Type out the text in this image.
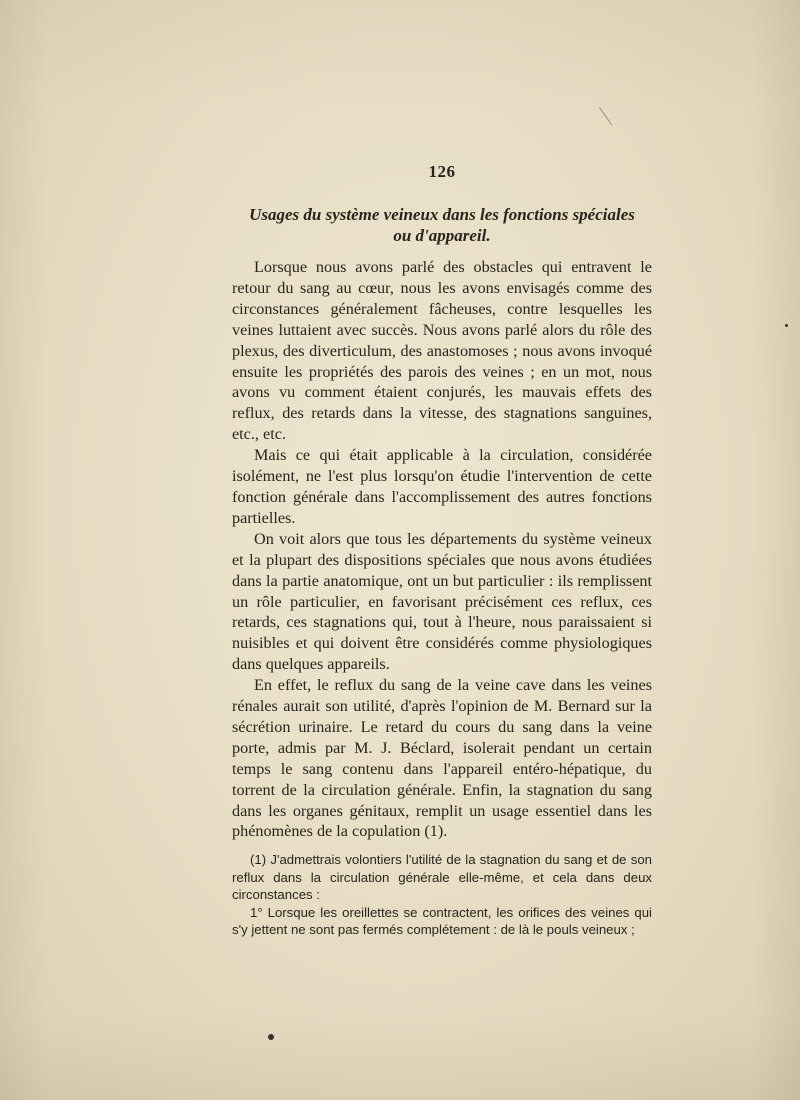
126
Usages du système veineux dans les fonctions spéciales
ou d'appareil.

Lorsque nous avons parlé des obstacles qui entravent le retour du sang au cœur, nous les avons envisagés comme des circonstances généralement fâcheuses, contre lesquelles les veines luttaient avec succès. Nous avons parlé alors du rôle des plexus, des diverticulum, des anastomoses ; nous avons invoqué ensuite les propriétés des parois des veines ; en un mot, nous avons vu comment étaient conjurés, les mauvais effets des reflux, des retards dans la vitesse, des stagnations sanguines, etc., etc.

Mais ce qui était applicable à la circulation, considérée isolément, ne l'est plus lorsqu'on étudie l'intervention de cette fonction générale dans l'accomplissement des autres fonctions partielles.

On voit alors que tous les départements du système veineux et la plupart des dispositions spéciales que nous avons étudiées dans la partie anatomique, ont un but particulier : ils remplissent un rôle particulier, en favorisant précisément ces reflux, ces retards, ces stagnations qui, tout à l'heure, nous paraissaient si nuisibles et qui doivent être considérés comme physiologiques dans quelques appareils.

En effet, le reflux du sang de la veine cave dans les veines rénales aurait son utilité, d'après l'opinion de M. Bernard sur la sécrétion urinaire. Le retard du cours du sang dans la veine porte, admis par M. J. Béclard, isolerait pendant un certain temps le sang contenu dans l'appareil entéro-hépatique, du torrent de la circulation générale. Enfin, la stagnation du sang dans les organes génitaux, remplit un usage essentiel dans les phénomènes de la copulation (1).

(1) J'admettrais volontiers l'utilité de la stagnation du sang et de son reflux dans la circulation générale elle-même, et cela dans deux circonstances :

1° Lorsque les oreillettes se contractent, les orifices des veines qui s'y jettent ne sont pas fermés complétement : de là le pouls veineux ;
